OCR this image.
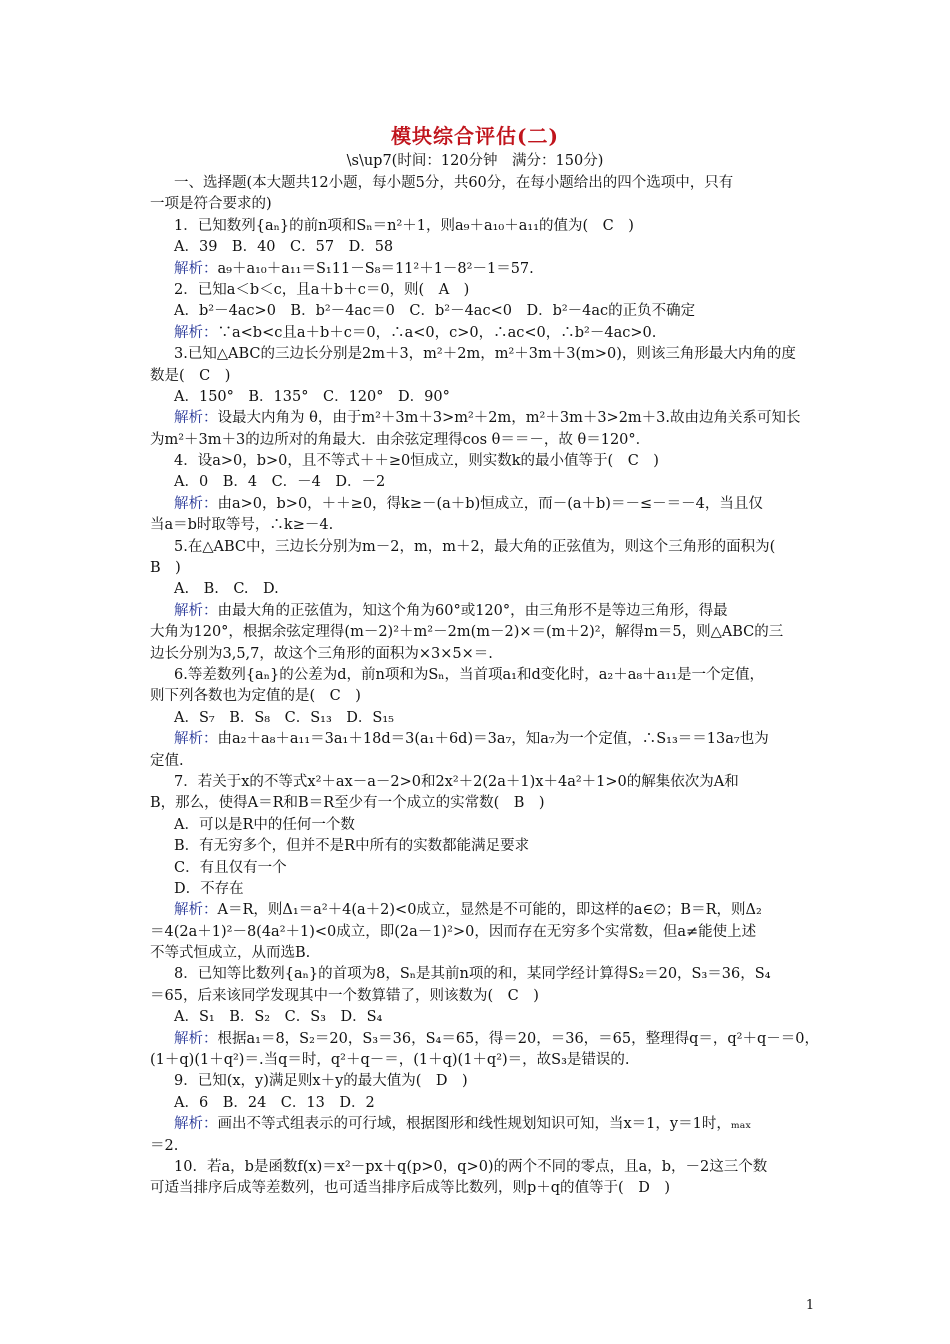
模块综合评估(二)
\s\up7(时间：120分钟　满分：150分)
一、选择题(本大题共12小题，每小题5分，共60分，在每小题给出的四个选项中，只有
一项是符合要求的)
1．已知数列{aₙ}的前n项和Sₙ＝n²＋1，则a₉＋a₁₀＋a₁₁的值为(　C　)
A．39　B．40　C．57　D．58
解析：a₉＋a₁₀＋a₁₁＝S₁11－S₈＝11²＋1－8²－1＝57.
2．已知a＜b＜c，且a＋b＋c＝0，则(　A　)
A．b²－4ac>0　B．b²－4ac＝0　C．b²－4ac<0　D．b²－4ac的正负不确定
解析：∵a<b<c且a＋b＋c＝0，∴a<0，c>0，∴ac<0，∴b²－4ac>0.
3.已知△ABC的三边长分别是2m＋3，m²＋2m，m²＋3m＋3(m>0)，则该三角形最大内角的度
数是(　C　)
A．150°　B．135°　C．120°　D．90°
解析：设最大内角为 θ，由于m²＋3m＋3>m²＋2m，m²＋3m＋3>2m＋3.故由边角关系可知长
为m²＋3m＋3的边所对的角最大．由余弦定理得cos θ＝＝－，故 θ＝120°．
4．设a>0，b>0，且不等式＋＋≥0恒成立，则实数k的最小值等于(　C　)
A．0　B．4　C．－4　D．－2
解析：由a>0，b>0，＋＋≥0，得k≥－(a＋b)恒成立，而－(a＋b)＝－≤－＝－4，当且仅
当a＝b时取等号，∴k≥－4.
5.在△ABC中，三边长分别为m－2，m，m＋2，最大角的正弦值为，则这个三角形的面积为(
B　)
A.　B.　C.　D.
解析：由最大角的正弦值为，知这个角为60°或120°，由三角形不是等边三角形，得最
大角为120°，根据余弦定理得(m－2)²＋m²－2m(m－2)×＝(m＋2)²，解得m＝5，则△ABC的三
边长分别为3,5,7，故这个三角形的面积为×3×5×＝.
6.等差数列{aₙ}的公差为d，前n项和为Sₙ，当首项a₁和d变化时，a₂＋a₈＋a₁₁是一个定值，
则下列各数也为定值的是(　C　)
A．S₇　B．S₈　C．S₁₃　D．S₁₅
解析：由a₂＋a₈＋a₁₁＝3a₁＋18d＝3(a₁＋6d)＝3a₇，知a₇为一个定值，∴S₁₃＝＝13a₇也为
定值.
7．若关于x的不等式x²＋ax－a－2>0和2x²＋2(2a＋1)x＋4a²＋1>0的解集依次为A和
B，那么，使得A＝R和B＝R至少有一个成立的实常数(　B　)
A．可以是R中的任何一个数
B．有无穷多个，但并不是R中所有的实数都能满足要求
C．有且仅有一个
D．不存在
解析：A＝R，则Δ₁＝a²＋4(a＋2)<0成立，显然是不可能的，即这样的a∈∅；B＝R，则Δ₂
＝4(2a＋1)²－8(4a²＋1)<0成立，即(2a－1)²>0，因而存在无穷多个实常数，但a≠能使上述
不等式恒成立，从而选B.
8．已知等比数列{aₙ}的首项为8，Sₙ是其前n项的和，某同学经计算得S₂＝20，S₃＝36，S₄
＝65，后来该同学发现其中一个数算错了，则该数为(　C　)
A．S₁　B．S₂　C．S₃　D．S₄
解析：根据a₁＝8，S₂＝20，S₃＝36，S₄＝65，得＝20，＝36，＝65，整理得q＝，q²＋q－＝0，
(1＋q)(1＋q²)＝.当q＝时，q²＋q－＝，(1＋q)(1＋q²)＝，故S₃是错误的.
9．已知(x，y)满足则x＋y的最大值为(　D　)
A．6　B．24　C．13　D．2
解析：画出不等式组表示的可行域，根据图形和线性规划知识可知，当x＝1，y＝1时，ₘₐₓ
＝2.
10．若a，b是函数f(x)＝x²－px＋q(p>0，q>0)的两个不同的零点，且a，b，－2这三个数
可适当排序后成等差数列，也可适当排序后成等比数列，则p＋q的值等于(　D　)
1
